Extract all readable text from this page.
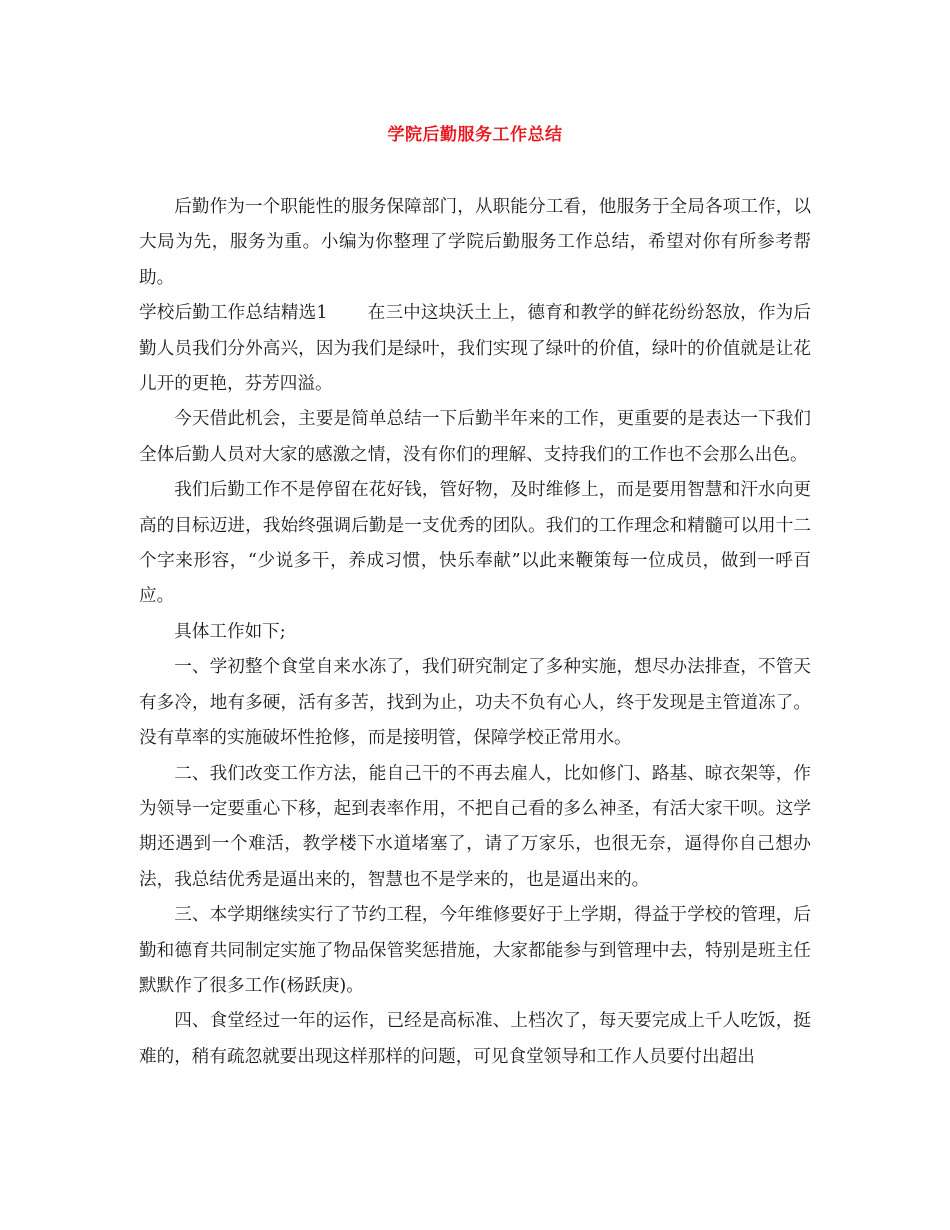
学院后勤服务工作总结

后勤作为一个职能性的服务保障部门，从职能分工看，他服务于全局各项工作，以大局为先，服务为重。小编为你整理了学院后勤服务工作总结，希望对你有所参考帮助。

学校后勤工作总结精选1 在三中这块沃土上，德育和教学的鲜花纷纷怒放，作为后勤人员我们分外高兴，因为我们是绿叶，我们实现了绿叶的价值，绿叶的价值就是让花儿开的更艳，芬芳四溢。

今天借此机会，主要是简单总结一下后勤半年来的工作，更重要的是表达一下我们全体后勤人员对大家的感激之情，没有你们的理解、支持我们的工作也不会那么出色。

我们后勤工作不是停留在花好钱，管好物，及时维修上，而是要用智慧和汗水向更高的目标迈进，我始终强调后勤是一支优秀的团队。我们的工作理念和精髓可以用十二个字来形容，“少说多干，养成习惯，快乐奉献”以此来鞭策每一位成员，做到一呼百应。

具体工作如下;

一、学初整个食堂自来水冻了，我们研究制定了多种实施，想尽办法排查，不管天有多冷，地有多硬，活有多苦，找到为止，功夫不负有心人，终于发现是主管道冻了。没有草率的实施破坏性抢修，而是接明管，保障学校正常用水。

二、我们改变工作方法，能自己干的不再去雇人，比如修门、路基、晾衣架等，作为领导一定要重心下移，起到表率作用，不把自己看的多么神圣，有活大家干呗。这学期还遇到一个难活，教学楼下水道堵塞了，请了万家乐，也很无奈，逼得你自己想办法，我总结优秀是逼出来的，智慧也不是学来的，也是逼出来的。

三、本学期继续实行了节约工程，今年维修要好于上学期，得益于学校的管理，后勤和德育共同制定实施了物品保管奖惩措施，大家都能参与到管理中去，特别是班主任默默作了很多工作(杨跃庚)。

四、食堂经过一年的运作，已经是高标准、上档次了，每天要完成上千人吃饭，挺难的，稍有疏忽就要出现这样那样的问题，可见食堂领导和工作人员要付出超出
